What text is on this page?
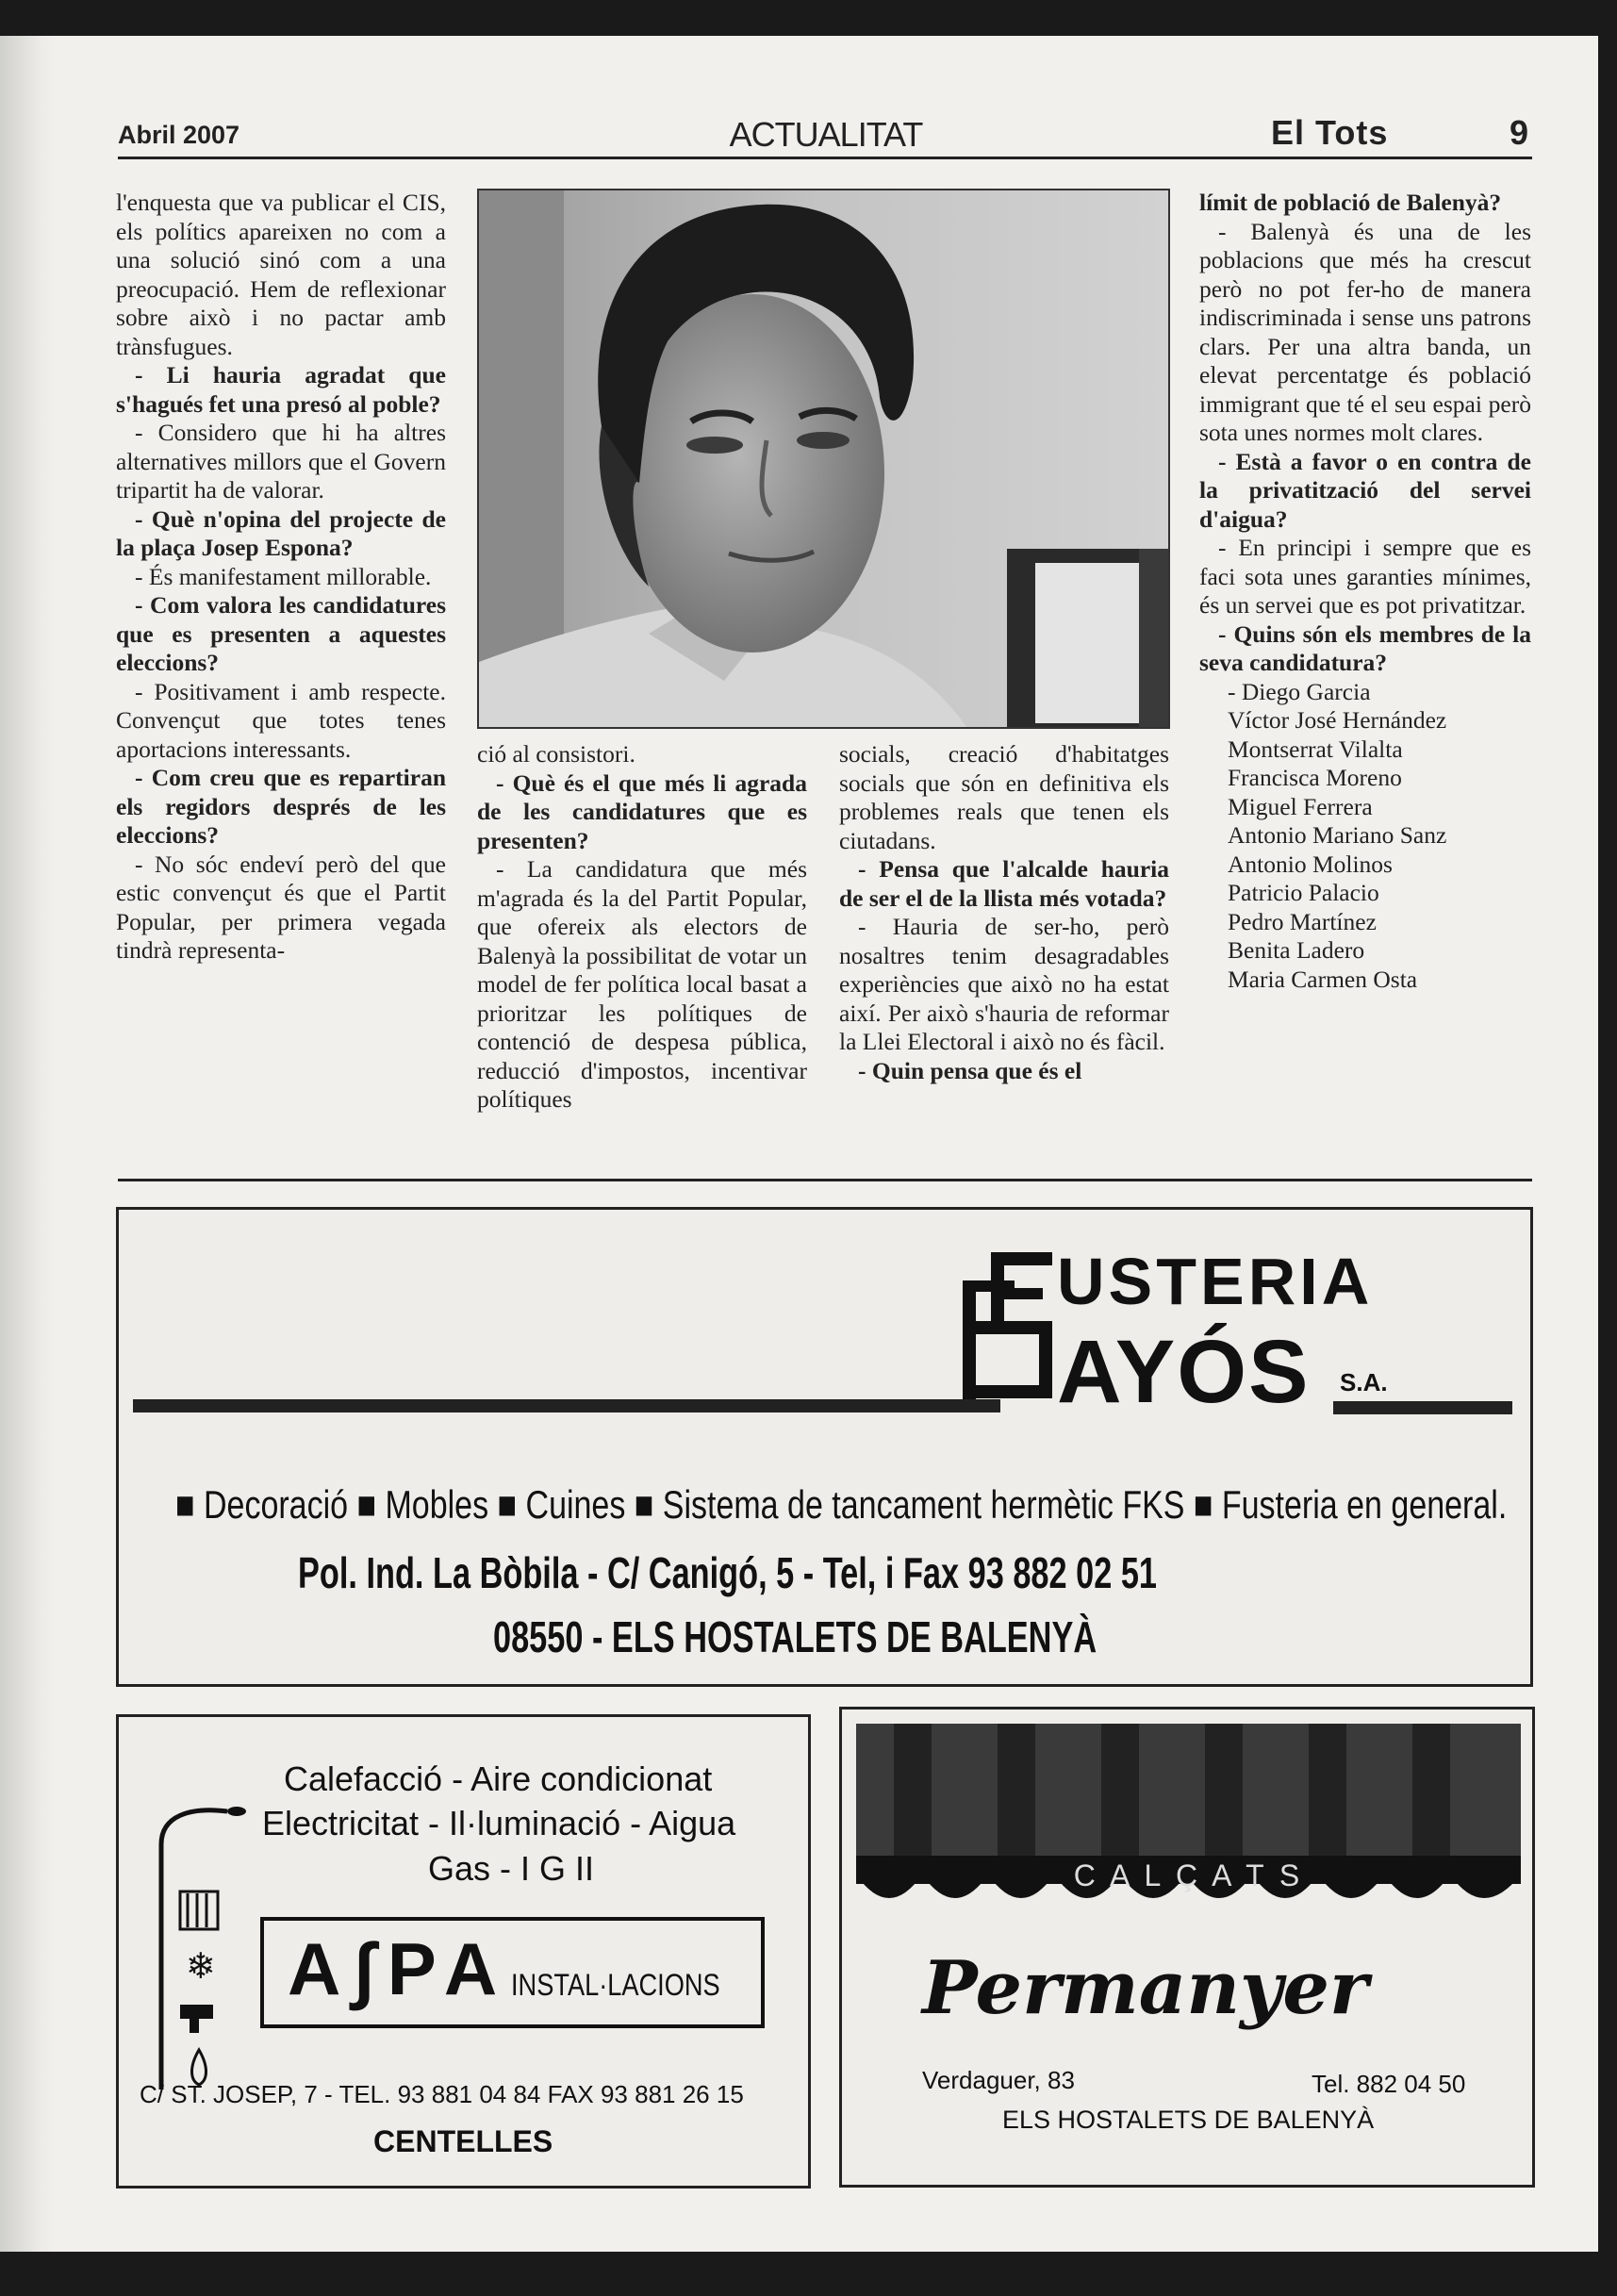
Abril 2007	ACTUALITAT	El Tots	9

l'enquesta que va publicar el CIS, els polítics apareixen no com a una solució sinó com a una preocupació. Hem de reflexionar sobre això i no pactar amb trànsfugues.

- Li hauria agradat que s'hagués fet una presó al poble?

- Considero que hi ha altres alternatives millors que el Govern tripartit ha de valorar.

- Què n'opina del projecte de la plaça Josep Espona?

- És manifestament millorable.

- Com valora les candidatures que es presenten a aquestes eleccions?

- Positivament i amb respecte. Convençut que totes tenes aportacions interessants.

- Com creu que es repartiran els regidors després de les eleccions?

- No sóc endeví però del que estic convençut és que el Partit Popular, per primera vegada tindrà representa-

ció al consistori.

- Què és el que més li agrada de les candidatures que es presenten?

- La candidatura que més m'agrada és la del Partit Popular, que ofereix als electors de Balenyà la possibilitat de votar un model de fer política local basat a prioritzar les polítiques de contenció de despesa pública, reducció d'impostos, incentivar polítiques

socials, creació d'habitatges socials que són en definitiva els problemes reals que tenen els ciutadans.

- Pensa que l'alcalde hauria de ser el de la llista més votada?

- Hauria de ser-ho, però nosaltres tenim desagradables experiències que això no ha estat així. Per això s'hauria de reformar la Llei Electoral i això no és fàcil.

- Quin pensa que és el

límit de població de Balenyà?

- Balenyà és una de les poblacions que més ha crescut però no pot fer-ho de manera indiscriminada i sense uns patrons clars. Per una altra banda, un elevat percentatge és població immigrant que té el seu espai però sota unes normes molt clares.

- Està a favor o en contra de la privatització del servei d'aigua?

- En principi i sempre que es faci sota unes garanties mínimes, és un servei que es pot privatitzar.

- Quins són els membres de la seva candidatura?

- Diego Garcia
Víctor José Hernández
Montserrat Vilalta
Francisca Moreno
Miguel Ferrera
Antonio Mariano Sanz
Antonio Molinos
Patricio Palacio
Pedro Martínez
Benita Ladero
Maria Carmen Osta
USTERIA
AYÓS S.A.
■ Decoració ■ Mobles ■ Cuines ■ Sistema de tancament hermètic FKS ■ Fusteria en general.
Pol. Ind. La Bòbila - C/ Canigó, 5 - Tel, i Fax 93 882 02 51
08550 - ELS HOSTALETS DE BALENYÀ
Calefacció - Aire condicionat
Electricitat - Il·luminació - Aigua
Gas - I G II
❄ A∫PA INSTAL·LACIONS
C/ ST. JOSEP, 7 - TEL. 93 881 04 84 FAX 93 881 26 15
CENTELLES
C A L Ç A T S
Permanyer
Verdaguer, 83	Tel. 882 04 50
ELS HOSTALETS DE BALENYÀ
